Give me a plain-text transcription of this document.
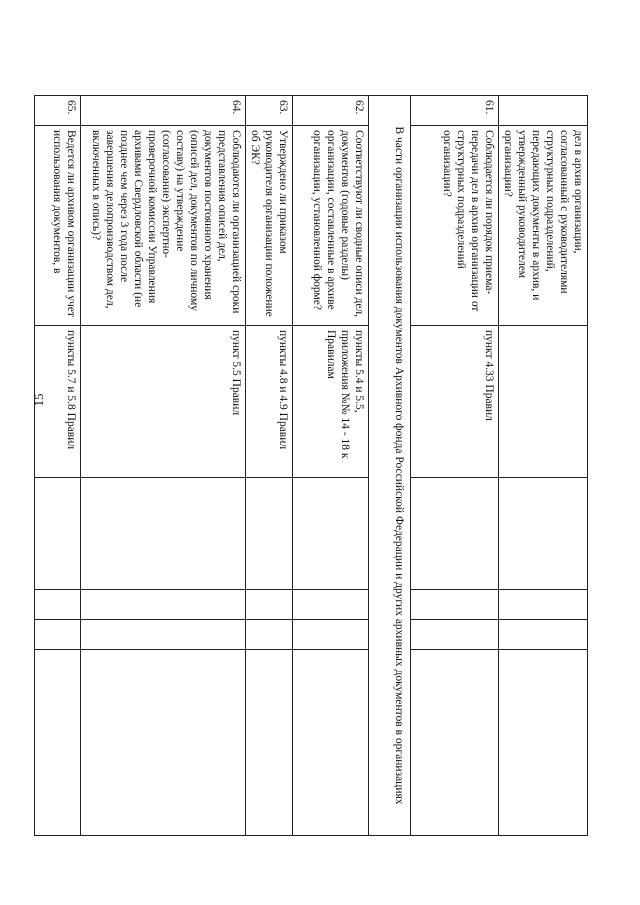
15
	дел в архив организации, согласованный с руководителями структурных подразделений, передающих документы в архив, и утвержденный руководителем организации?					
61.	Соблюдается ли порядок приема-передачи дел в архив организации от структурных подразделений организации?	пункт 4.33 Правил				
В части организации использования документов Архивного фонда Российской Федерации и других архивных документов в организациях						
62.	Соответствуют ли сводные описи дел, документов (годовые разделы) организации, составленные в архиве организации, установленной форме?	пункты 5.4 и 5.5, приложения №№ 14 - 18 к Правилам				
63.	Утверждено ли приказом руководителя организации положение об ЭК?	пункты 4.8 и 4.9 Правил				
64.	Соблюдаются ли организацией сроки представления описей дел, документов постоянного хранения (описей дел, документов по личному составу) на утверждение (согласование) экспертно-проверочной комиссии Управления архивами Свердловской области (не позднее чем через 3 года после завершения делопроизводством дел, включенных в опись)?	пункт 5.5 Правил				
65.	Ведется ли архивом организации учет использования документов, в	пункты 5.7 и 5.8 Правил				
